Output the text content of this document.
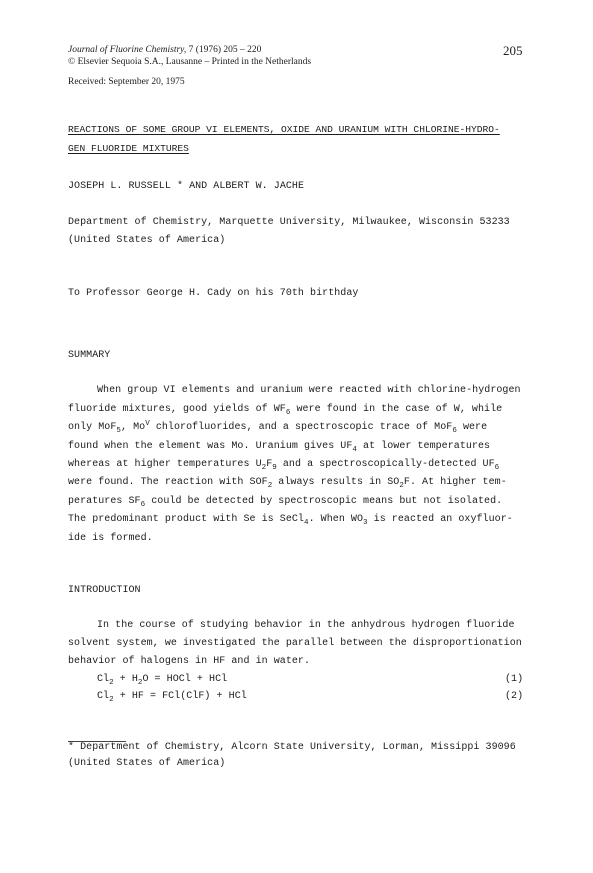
Journal of Fluorine Chemistry, 7 (1976) 205 – 220
© Elsevier Sequoia S.A., Lausanne – Printed in the Netherlands
Received: September 20, 1975
205
REACTIONS OF SOME GROUP VI ELEMENTS, OXIDE AND URANIUM WITH CHLORINE-HYDRO-
GEN FLUORIDE MIXTURES
JOSEPH L. RUSSELL * AND ALBERT W. JACHE
Department of Chemistry, Marquette University, Milwaukee, Wisconsin 53233
(United States of America)
To Professor George H. Cady on his 70th birthday
SUMMARY
When group VI elements and uranium were reacted with chlorine-hydrogen
fluoride mixtures, good yields of $WF_6$ were found in the case of W, while
only MoF$_5$, $Mo^V$ chlorofluorides, and a spectroscopic trace of MoF$_6$ were
found when the element was Mo. Uranium gives $UF_4$ at lower temperatures
whereas at higher temperatures $U_2F_9$ and a spectroscopically-detected $UF_6$
were found. The reaction with $SOF_2$ always results in $SO_2F$. At higher tem-
peratures $SF_6$ could be detected by spectroscopic means but not isolated.
The predominant product with Se is SeCl$_4$. When $WO_3$ is reacted an oxyfluor-
ide is formed.
INTRODUCTION
In the course of studying behavior in the anhydrous hydrogen fluoride
solvent system, we investigated the parallel between the disproportionation
behavior of halogens in HF and in water.
$Cl_2 + H_2O$ = HOCl + HCl	(1)
$Cl_2$ + HF = FCl(ClF) + HCl	(2)
* Department of Chemistry, Alcorn State University, Lorman, Missippi 39096
(United States of America)
